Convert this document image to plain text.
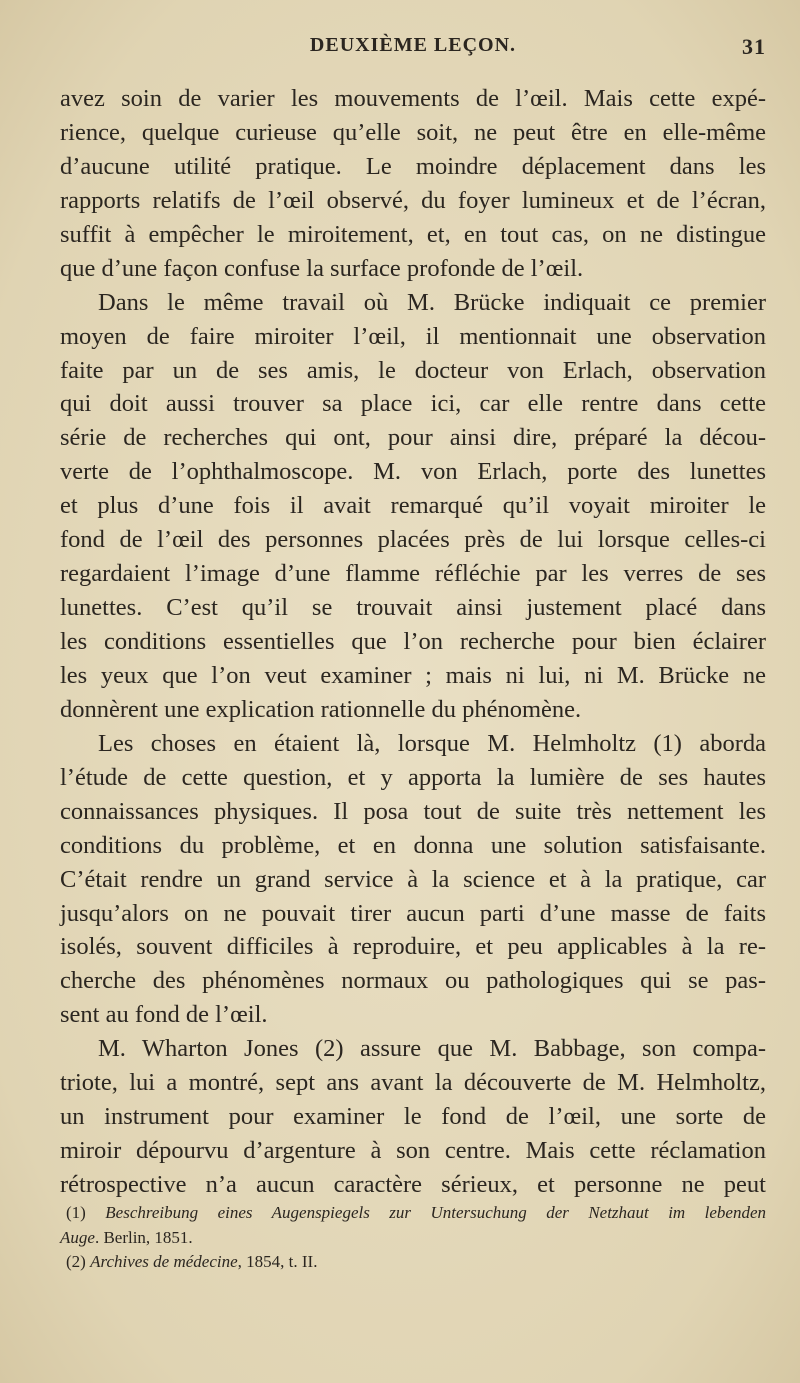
DEUXIÈME LEÇON.	31
avez soin de varier les mouvements de l’œil. Mais cette expé-
rience, quelque curieuse qu’elle soit, ne peut être en elle-même
d’aucune utilité pratique. Le moindre déplacement dans les
rapports relatifs de l’œil observé, du foyer lumineux et de l’écran,
suffit à empêcher le miroitement, et, en tout cas, on ne distingue
que d’une façon confuse la surface profonde de l’œil.
Dans le même travail où M. Brücke indiquait ce premier
moyen de faire miroiter l’œil, il mentionnait une observation
faite par un de ses amis, le docteur von Erlach, observation
qui doit aussi trouver sa place ici, car elle rentre dans cette
série de recherches qui ont, pour ainsi dire, préparé la décou-
verte de l’ophthalmoscope. M. von Erlach, porte des lunettes
et plus d’une fois il avait remarqué qu’il voyait miroiter le
fond de l’œil des personnes placées près de lui lorsque celles-ci
regardaient l’image d’une flamme réfléchie par les verres de ses
lunettes. C’est qu’il se trouvait ainsi justement placé dans
les conditions essentielles que l’on recherche pour bien éclairer
les yeux que l’on veut examiner ; mais ni lui, ni M. Brücke ne
donnèrent une explication rationnelle du phénomène.
Les choses en étaient là, lorsque M. Helmholtz (1) aborda
l’étude de cette question, et y apporta la lumière de ses hautes
connaissances physiques. Il posa tout de suite très nettement les
conditions du problème, et en donna une solution satisfaisante.
C’était rendre un grand service à la science et à la pratique, car
jusqu’alors on ne pouvait tirer aucun parti d’une masse de faits
isolés, souvent difficiles à reproduire, et peu applicables à la re-
cherche des phénomènes normaux ou pathologiques qui se pas-
sent au fond de l’œil.
M. Wharton Jones (2) assure que M. Babbage, son compa-
triote, lui a montré, sept ans avant la découverte de M. Helmholtz,
un instrument pour examiner le fond de l’œil, une sorte de
miroir dépourvu d’argenture à son centre. Mais cette réclamation
rétrospective n’a aucun caractère sérieux, et personne ne peut
(1) Beschreibung eines Augenspiegels zur Untersuchung der Netzhaut im lebenden
Auge. Berlin, 1851.
(2) Archives de médecine, 1854, t. II.
